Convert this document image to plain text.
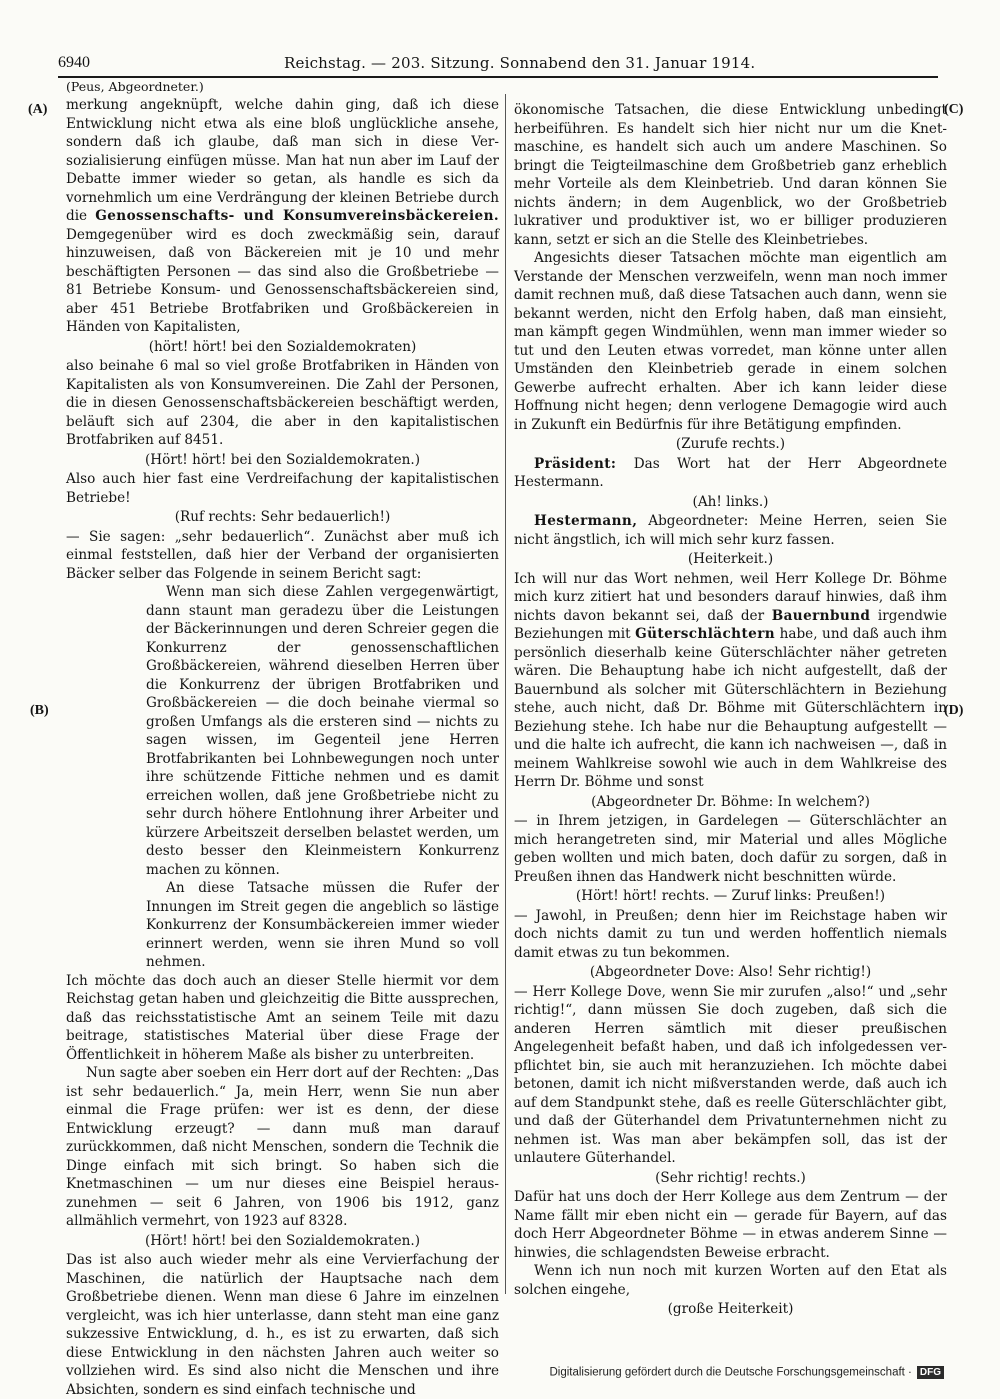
6940	Reichstag. — 203. Sitzung. Sonnabend den 31. Januar 1914.
(A)
(B)
(C)
(D)

(Peus, Abgeordneter.)

merkung angeknüpft, welche dahin ging, daß ich diese Entwicklung nicht etwa als eine bloß unglückliche ansehe, sondern daß ich glaube, daß man sich in diese Versozialisierung einfügen müsse. Man hat nun aber im Lauf der Debatte immer wieder so getan, als handle es sich da vornehmlich um eine Verdrängung der kleinen Betriebe durch die Genossenschafts- und Konsumvereinsbäckereien. Demgegenüber wird es doch zweckmäßig sein, darauf hinzuweisen, daß von Bäckereien mit je 10 und mehr beschäftigten Personen — das sind also die Großbetriebe — 81 Betriebe Konsum- und Genossenschaftsbäckereien sind, aber 451 Betriebe Brotfabriken und Großbäckereien in Händen von Kapitalisten,

(hört! hört! bei den Sozialdemokraten)

also beinahe 6 mal so viel große Brotfabriken in Händen von Kapitalisten als von Konsumvereinen. Die Zahl der Personen, die in diesen Genossenschaftsbäckereien beschäftigt werden, beläuft sich auf 2304, die aber in den kapitalistischen Brotfabriken auf 8451.

(Hört! hört! bei den Sozialdemokraten.)

Also auch hier fast eine Verdreifachung der kapitalistischen Betriebe!

(Ruf rechts: Sehr bedauerlich!)

— Sie sagen: „sehr bedauerlich“. Zunächst aber muß ich einmal feststellen, daß hier der Verband der organisierten Bäcker selber das Folgende in seinem Bericht sagt:

Wenn man sich diese Zahlen vergegenwärtigt, dann staunt man geradezu über die Leistungen der Bäckerinnungen und deren Schreier gegen die Konkurrenz der genossenschaftlichen Großbäckereien, während dieselben Herren über die Konkurrenz der übrigen Brotfabriken und Großbäckereien — die doch beinahe viermal so großen Umfangs als die ersteren sind — nichts zu sagen wissen, im Gegenteil jene Herren Brotfabrikanten bei Lohnbewegungen noch unter ihre schützende Fittiche nehmen und es damit erreichen wollen, daß jene Großbetriebe nicht zu sehr durch höhere Entlohnung ihrer Arbeiter und kürzere Arbeitszeit derselben belastet werden, um desto besser den Kleinmeistern Konkurrenz machen zu können.

An diese Tatsache müssen die Rufer der Innungen im Streit gegen die angeblich so lästige Konkurrenz der Konsumbäckereien immer wieder erinnert werden, wenn sie ihren Mund so voll nehmen.

Ich möchte das doch auch an dieser Stelle hiermit vor dem Reichstag getan haben und gleichzeitig die Bitte aussprechen, daß das reichsstatistische Amt an seinem Teile mit dazu beitrage, statistisches Material über diese Frage der Öffentlichkeit in höherem Maße als bisher zu unterbreiten.

Nun sagte aber soeben ein Herr dort auf der Rechten: „Das ist sehr bedauerlich.“ Ja, mein Herr, wenn Sie nun aber einmal die Frage prüfen: wer ist es denn, der diese Entwicklung erzeugt? — dann muß man darauf zurückkommen, daß nicht Menschen, sondern die Technik die Dinge einfach mit sich bringt. So haben sich die Knetmaschinen — um nur dieses eine Beispiel herauszunehmen — seit 6 Jahren, von 1906 bis 1912, ganz allmählich vermehrt, von 1923 auf 8328.

(Hört! hört! bei den Sozialdemokraten.)

Das ist also auch wieder mehr als eine Vervierfachung der Maschinen, die natürlich der Hauptsache nach dem Großbetriebe dienen. Wenn man diese 6 Jahre im einzelnen vergleicht, was ich hier unterlasse, dann steht man eine ganz sukzessive Entwicklung, d. h., es ist zu erwarten, daß sich diese Entwicklung in den nächsten Jahren auch weiter so vollziehen wird. Es sind also nicht die Menschen und ihre Absichten, sondern es sind einfach technische und

ökonomische Tatsachen, die diese Entwicklung unbedingt herbeiführen. Es handelt sich hier nicht nur um die Knetmaschine, es handelt sich auch um andere Maschinen. So bringt die Teigteilmaschine dem Großbetrieb ganz erheblich mehr Vorteile als dem Kleinbetrieb. Und daran können Sie nichts ändern; in dem Augenblick, wo der Großbetrieb lukrativer und produktiver ist, wo er billiger produzieren kann, setzt er sich an die Stelle des Kleinbetriebes.

Angesichts dieser Tatsachen möchte man eigentlich am Verstande der Menschen verzweifeln, wenn man noch immer damit rechnen muß, daß diese Tatsachen auch dann, wenn sie bekannt werden, nicht den Erfolg haben, daß man einsieht, man kämpft gegen Windmühlen, wenn man immer wieder so tut und den Leuten etwas vorredet, man könne unter allen Umständen den Kleinbetrieb gerade in einem solchen Gewerbe aufrecht erhalten. Aber ich kann leider diese Hoffnung nicht hegen; denn verlogene Demagogie wird auch in Zukunft ein Bedürfnis für ihre Betätigung empfinden.

(Zurufe rechts.)

Präsident: Das Wort hat der Herr Abgeordnete Hestermann.

(Ah! links.)

Hestermann, Abgeordneter: Meine Herren, seien Sie nicht ängstlich, ich will mich sehr kurz fassen.

(Heiterkeit.)

Ich will nur das Wort nehmen, weil Herr Kollege Dr. Böhme mich kurz zitiert hat und besonders darauf hinwies, daß ihm nichts davon bekannt sei, daß der Bauernbund irgendwie Beziehungen mit Güterschlächtern habe, und daß auch ihm persönlich dieserhalb keine Güterschlächter näher getreten wären. Die Behauptung habe ich nicht aufgestellt, daß der Bauernbund als solcher mit Güterschlächtern in Beziehung stehe, auch nicht, daß Dr. Böhme mit Güterschlächtern in Beziehung stehe. Ich habe nur die Behauptung aufgestellt — und die halte ich aufrecht, die kann ich nachweisen —, daß in meinem Wahlkreise sowohl wie auch in dem Wahlkreise des Herrn Dr. Böhme und sonst

(Abgeordneter Dr. Böhme: In welchem?)

— in Ihrem jetzigen, in Gardelegen — Güterschlächter an mich herangetreten sind, mir Material und alles Mögliche geben wollten und mich baten, doch dafür zu sorgen, daß in Preußen ihnen das Handwerk nicht beschnitten würde.

(Hört! hört! rechts. — Zuruf links: Preußen!)

— Jawohl, in Preußen; denn hier im Reichstage haben wir doch nichts damit zu tun und werden hoffentlich niemals damit etwas zu tun bekommen.

(Abgeordneter Dove: Also! Sehr richtig!)

— Herr Kollege Dove, wenn Sie mir zurufen „also!“ und „sehr richtig!“, dann müssen Sie doch zugeben, daß sich die anderen Herren sämtlich mit dieser preußischen Angelegenheit befaßt haben, und daß ich infolgedessen verpflichtet bin, sie auch mit heranzuziehen. Ich möchte dabei betonen, damit ich nicht mißverstanden werde, daß auch ich auf dem Standpunkt stehe, daß es reelle Güterschlächter gibt, und daß der Güterhandel dem Privatunternehmen nicht zu nehmen ist. Was man aber bekämpfen soll, das ist der unlautere Güterhandel.

(Sehr richtig! rechts.)

Dafür hat uns doch der Herr Kollege aus dem Zentrum — der Name fällt mir eben nicht ein — gerade für Bayern, auf das doch Herr Abgeordneter Böhme — in etwas anderem Sinne — hinwies, die schlagendsten Beweise erbracht.

Wenn ich nun noch mit kurzen Worten auf den Etat als solchen eingehe,

(große Heiterkeit)

Digitalisierung gefördert durch die Deutsche Forschungsgemeinschaft · DFG
